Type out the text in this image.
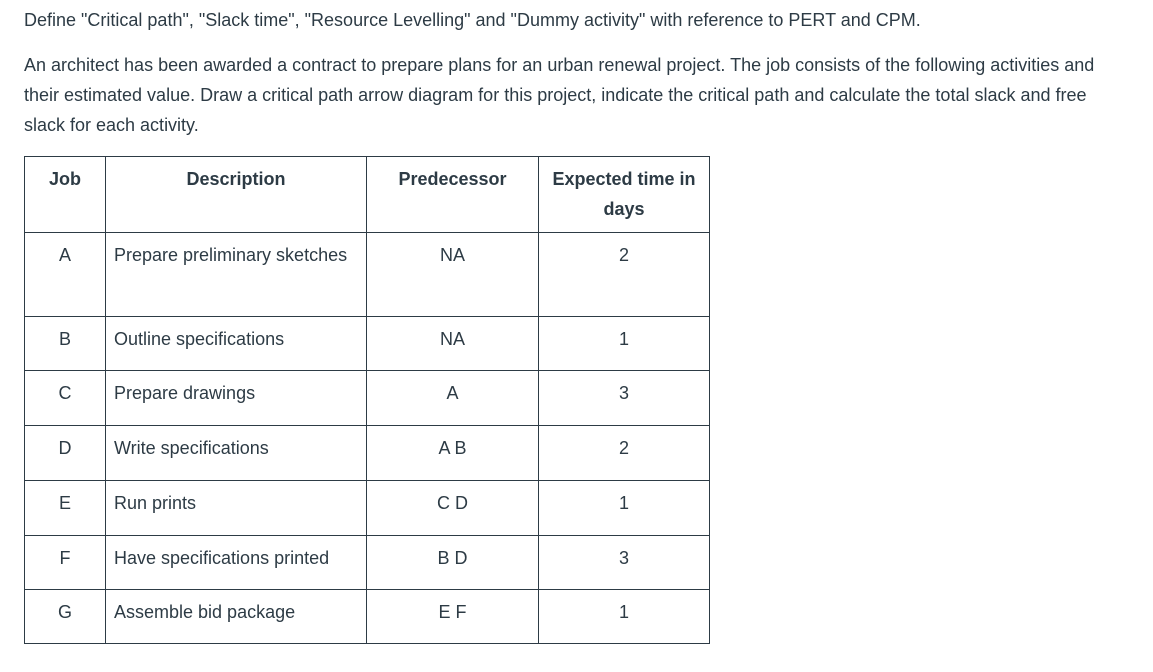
Define "Critical path", "Slack time", "Resource Levelling" and "Dummy activity" with reference to PERT and CPM.

An architect has been awarded a contract to prepare plans for an urban renewal project. The job consists of the following activities and their estimated value. Draw a critical path arrow diagram for this project, indicate the critical path and calculate the total slack and free slack for each activity.

Job	Description	Predecessor	Expected time in days
A	Prepare preliminary sketches	NA	2
B	Outline specifications	NA	1
C	Prepare drawings	A	3
D	Write specifications	A B	2
E	Run prints	C D	1
F	Have specifications printed	B D	3
G	Assemble bid package	E F	1
